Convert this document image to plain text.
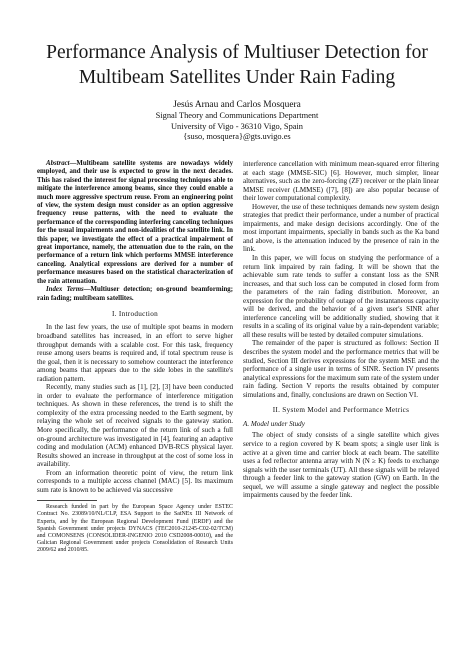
Performance Analysis of Multiuser Detection for
Multibeam Satellites Under Rain Fading
Jesús Arnau and Carlos Mosquera
Signal Theory and Communications Department
University of Vigo - 36310 Vigo, Spain
{suso, mosquera}@gts.uvigo.es

Abstract—Multibeam satellite systems are nowadays widely employed, and their use is expected to grow in the next decades. This has raised the interest for signal processing techniques able to mitigate the interference among beams, since they could enable a much more aggressive spectrum reuse. From an engineering point of view, the system design must consider as an option aggressive frequency reuse patterns, with the need to evaluate the performance of the corresponding interfering canceling techniques for the usual impairments and non-idealities of the satellite link. In this paper, we investigate the effect of a practical impairment of great importance, namely, the attenuation due to the rain, on the performance of a return link which performs MMSE interference canceling. Analytical expressions are derived for a number of performance measures based on the statistical characterization of the rain attenuation.

Index Terms—Multiuser detection; on-ground beamforming; rain fading; multibeam satellites.

I. Introduction

In the last few years, the use of multiple spot beams in modern broadband satellites has increased, in an effort to serve higher throughput demands with a scalable cost. For this task, frequency reuse among users beams is required and, if total spectrum reuse is the goal, then it is necessary to somehow counteract the interference among beams that appears due to the side lobes in the satellite's radiation pattern.

Recently, many studies such as [1], [2], [3] have been conducted in order to evaluate the performance of interference mitigation techniques. As shown in these references, the trend is to shift the complexity of the extra processing needed to the Earth segment, by relaying the whole set of received signals to the gateway station. More specifically, the performance of the return link of such a full on-ground architecture was investigated in [4], featuring an adaptive coding and modulation (ACM) enhanced DVB-RCS physical layer. Results showed an increase in throughput at the cost of some loss in availability.

From an information theoretic point of view, the return link corresponds to a multiple access channel (MAC) [5]. Its maximum sum rate is known to be achieved via successive

Research funded in part by the European Space Agency under ESTEC Contract No. 23089/10/NL/CLP, ESA Support to the SatNEx III Network of Experts, and by the European Regional Development Fund (ERDF) and the Spanish Government under projects DYNACS (TEC2010-21245-C02-02/TCM) and COMONSENS (CONSOLIDER-INGENIO 2010 CSD2008-00010), and the Galician Regional Government under projects Consolidation of Research Units 2009/62 and 2010/85.

interference cancellation with minimum mean-squared error filtering at each stage (MMSE-SIC) [6]. However, much simpler, linear alternatives, such as the zero-forcing (ZF) receiver or the plain linear MMSE receiver (LMMSE) ([7], [8]) are also popular because of their lower computational complexity.

However, the use of these techniques demands new system design strategies that predict their performance, under a number of practical impairments, and make design decisions accordingly. One of the most important impairments, specially in bands such as the Ka band and above, is the attenuation induced by the presence of rain in the link.

In this paper, we will focus on studying the performance of a return link impaired by rain fading. It will be shown that the achievable sum rate tends to suffer a constant loss as the SNR increases, and that such loss can be computed in closed form from the parameters of the rain fading distribution. Moreover, an expression for the probability of outage of the instantaneous capacity will be derived, and the behavior of a given user's SINR after interference canceling will be additionally studied, showing that it results in a scaling of its original value by a rain-dependent variable; all these results will be tested by detailed computer simulations.

The remainder of the paper is structured as follows: Section II describes the system model and the performance metrics that will be studied, Section III derives expressions for the system MSE and the performance of a single user in terms of SINR. Section IV presents analytical expressions for the maximum sum rate of the system under rain fading. Section V reports the results obtained by computer simulations and, finally, conclusions are drawn on Section VI.

II. System Model and Performance Metrics
A. Model under Study

The object of study consists of a single satellite which gives service to a region covered by K beam spots; a single user link is active at a given time and carrier block at each beam. The satellite uses a fed reflector antenna array with N (N ≥ K) feeds to exchange signals with the user terminals (UT). All these signals will be relayed through a feeder link to the gateway station (GW) on Earth. In the sequel, we will assume a single gateway and neglect the possible impairments caused by the feeder link.
